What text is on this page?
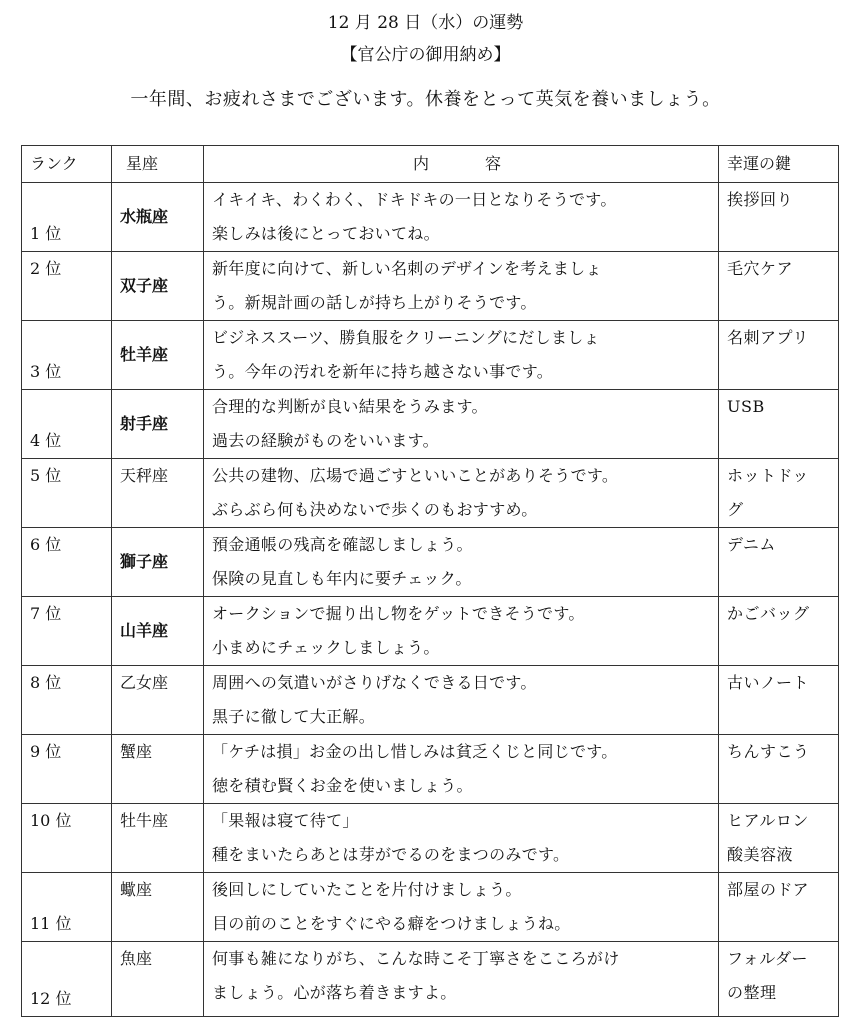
12 月 28 日（水）の運勢
【官公庁の御用納め】
一年間、お疲れさまでございます。休養をとって英気を養いましょう。
ランク	星座	内　　容	幸運の鍵

1 位	水瓶座	イキイキ、わくわく、ドキドキの一日となりそうです。
楽しみは後にとっておいてね。	挨拶回り

2 位	双子座	新年度に向けて、新しい名刺のデザインを考えましょ
う。新規計画の話しが持ち上がりそうです。	毛穴ケア

3 位	牡羊座	ビジネススーツ、勝負服をクリーニングにだしましょ
う。今年の汚れを新年に持ち越さない事です。	名刺アプリ

4 位	射手座	合理的な判断が良い結果をうみます。
過去の経験がものをいいます。	USB

5 位	天秤座	公共の建物、広場で過ごすといいことがありそうです。
ぶらぶら何も決めないで歩くのもおすすめ。	ホットドッ
グ

6 位	獅子座	預金通帳の残高を確認しましょう。
保険の見直しも年内に要チェック。	デニム

7 位	山羊座	オークションで掘り出し物をゲットできそうです。
小まめにチェックしましょう。	かごバッグ

8 位	乙女座	周囲への気遣いがさりげなくできる日です。
黒子に徹して大正解。	古いノート

9 位	蟹座	「ケチは損」お金の出し惜しみは貧乏くじと同じです。
徳を積む賢くお金を使いましょう。	ちんすこう

10 位	牡牛座	「果報は寝て待て」
種をまいたらあとは芽がでるのをまつのみです。	ヒアルロン
酸美容液

11 位	蠍座	後回しにしていたことを片付けましょう。
目の前のことをすぐにやる癖をつけましょうね。	部屋のドア

12 位	魚座	何事も雑になりがち、こんな時こそ丁寧さをこころがけ
ましょう。心が落ち着きますよ。	フォルダー
の整理
